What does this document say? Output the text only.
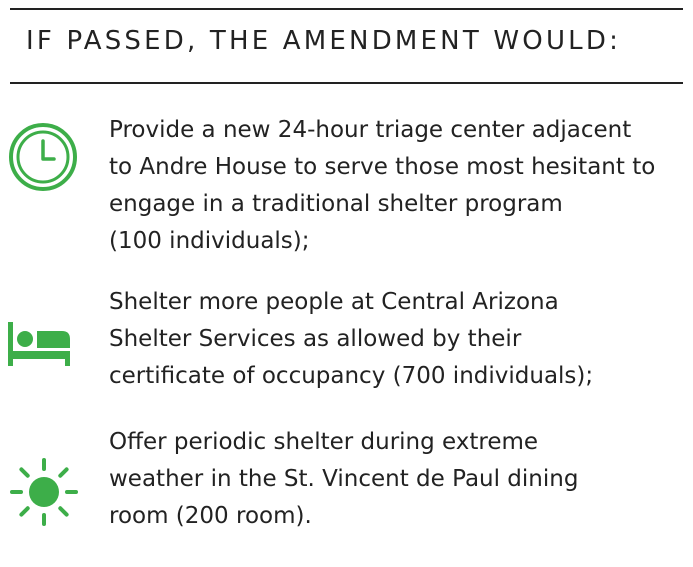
IF PASSED, THE AMENDMENT WOULD:
Provide a new 24-hour triage center adjacent
to Andre House to serve those most hesitant to
engage in a traditional shelter program
(100 individuals);
Shelter more people at Central Arizona
Shelter Services as allowed by their
certificate of occupancy (700 individuals);
Offer periodic shelter during extreme
weather in the St. Vincent de Paul dining
room (200 room).
